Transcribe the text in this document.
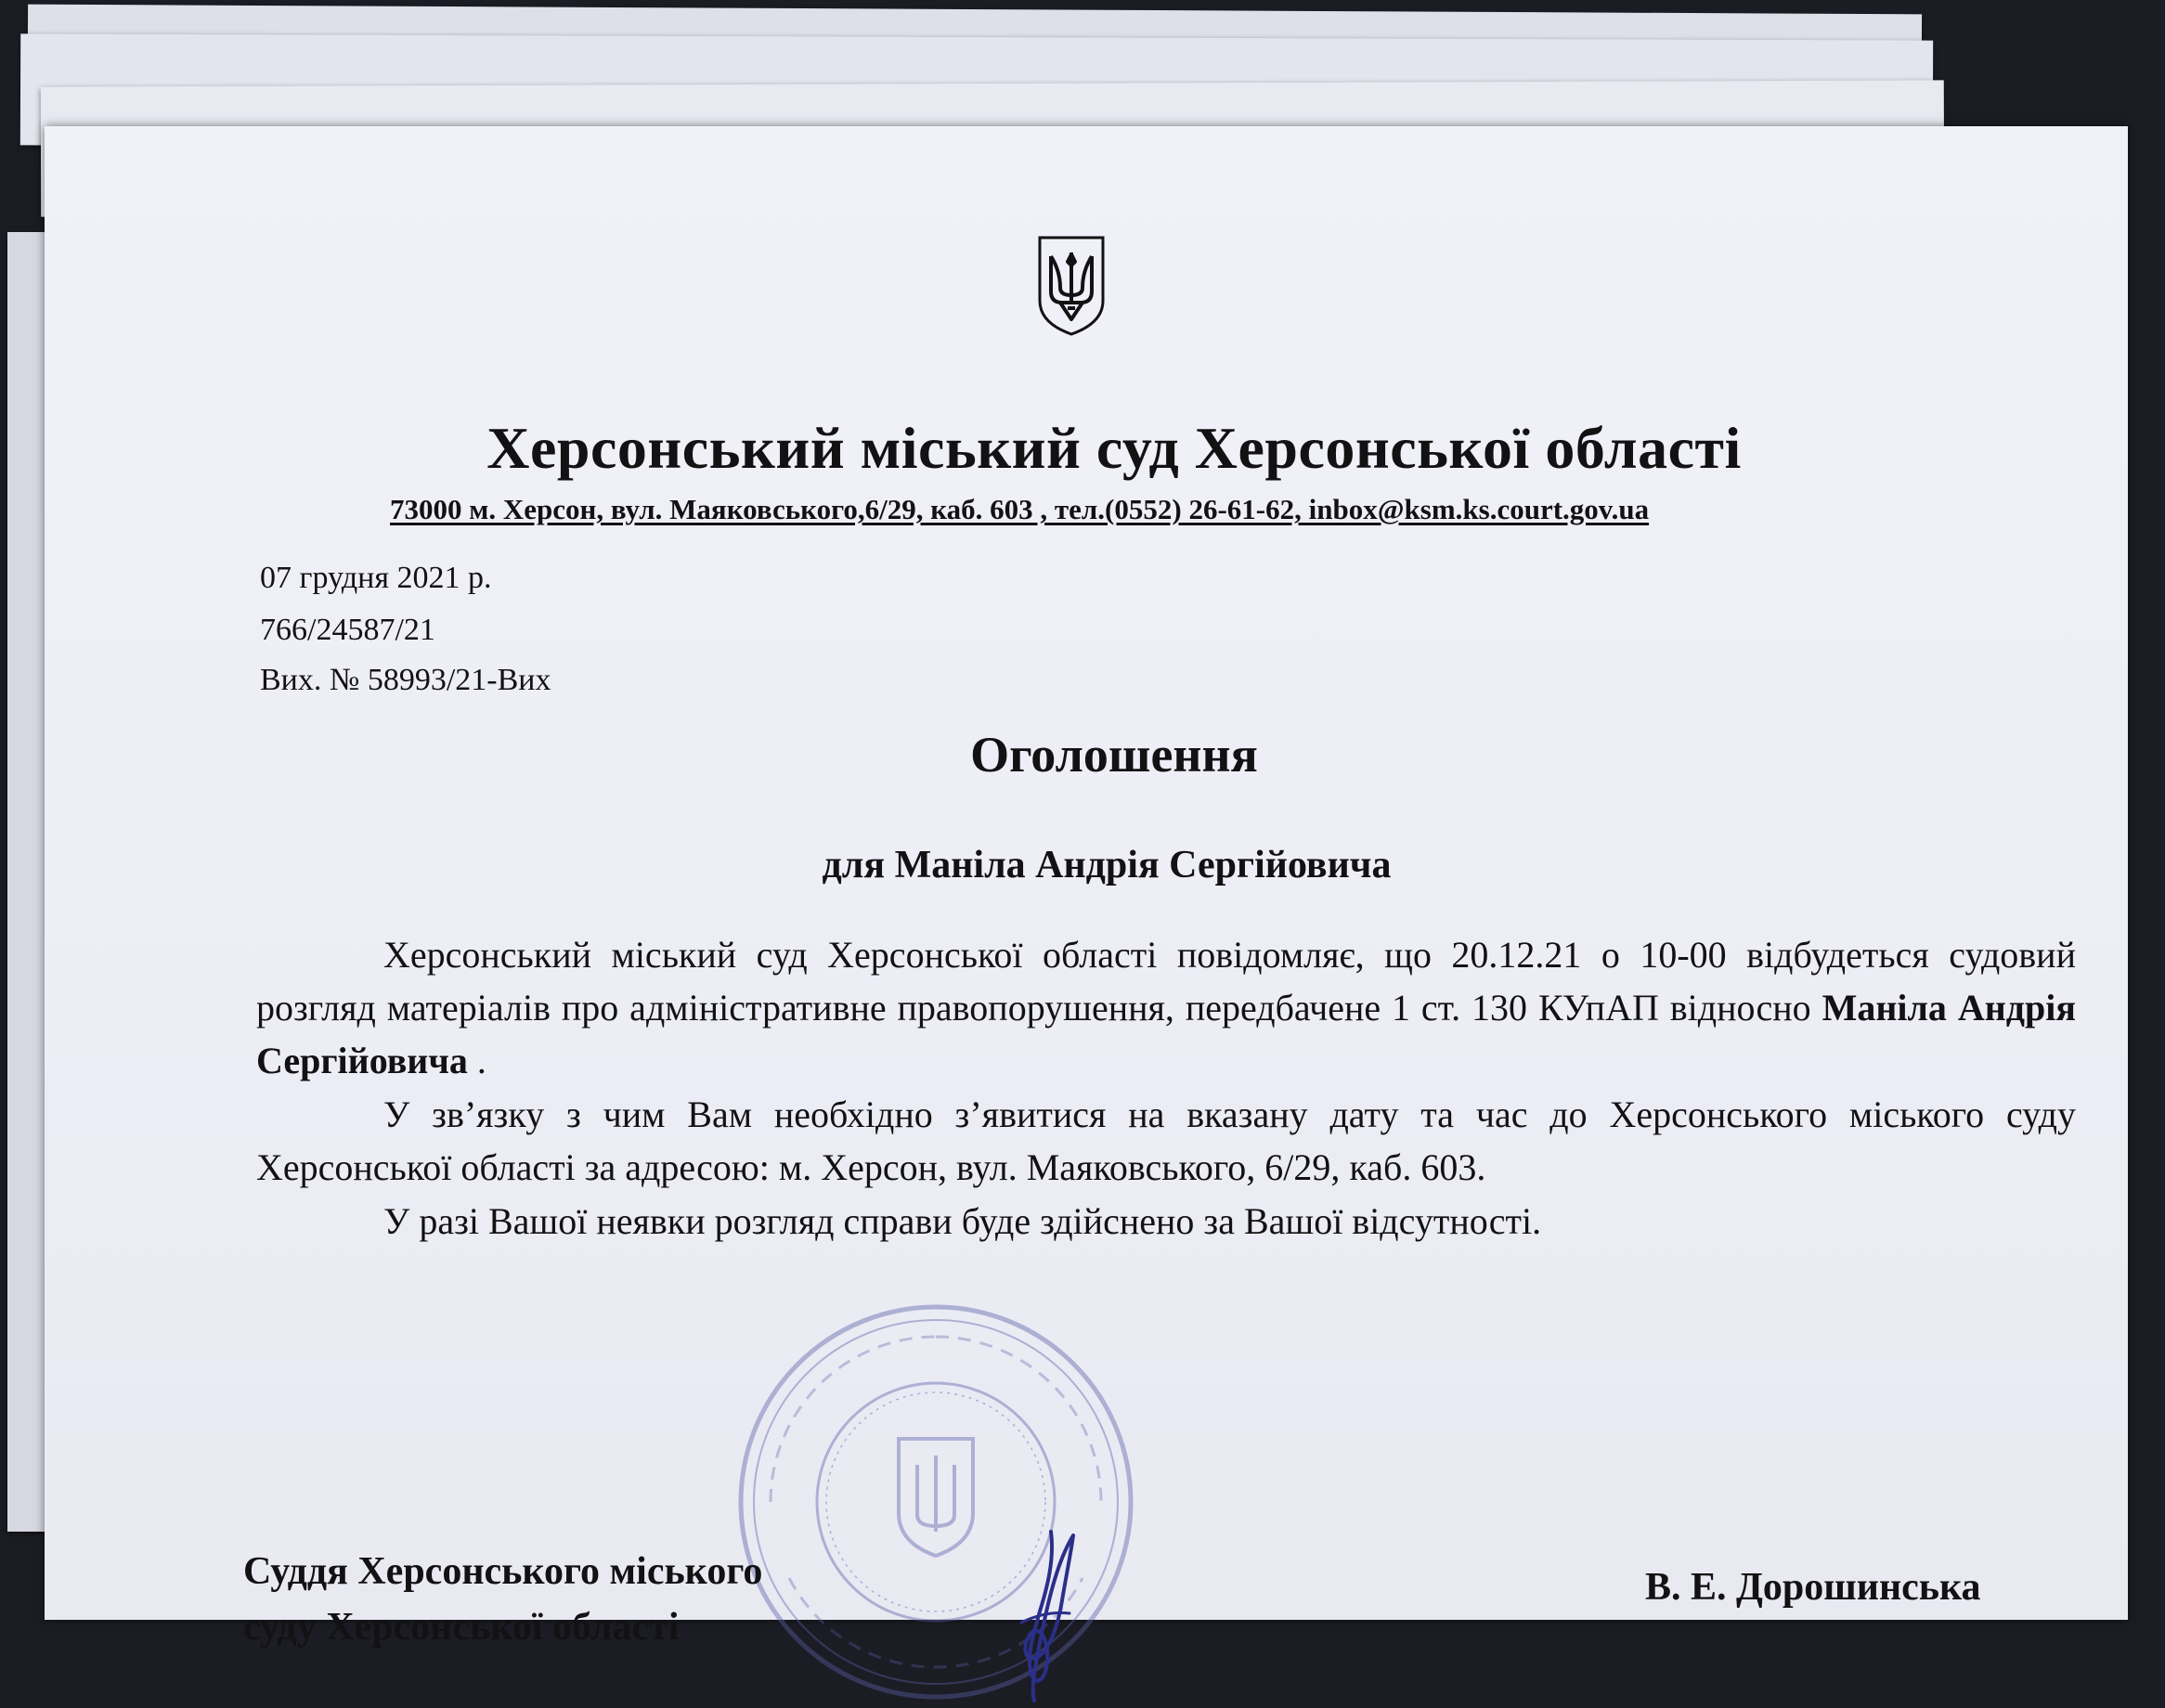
Херсонський міський суд Херсонської області
73000 м. Херсон, вул. Маяковського,6/29, каб. 603 , тел.(0552) 26-61-62, inbox@ksm.ks.court.gov.ua
07 грудня 2021 р.
766/24587/21
Вих. № 58993/21-Вих
Оголошення
для Маніла Андрія Сергійовича

Херсонський міський суд Херсонської області повідомляє, що 20.12.21 о 10-00 відбудеться судовий розгляд матеріалів про адміністративне правопорушення, передбачене 1 ст. 130 КУпАП відносно Маніла Андрія Сергійовича .

У зв’язку з чим Вам необхідно з’явитися на вказану дату та час до Херсонського міського суду Херсонської області за адресою: м. Херсон, вул. Маяковського, 6/29, каб. 603.

У разі Вашої неявки розгляд справи буде здійснено за Вашої відсутності.

Суддя Херсонського міського
суду Херсонської області
В. Е. Дорошинська
